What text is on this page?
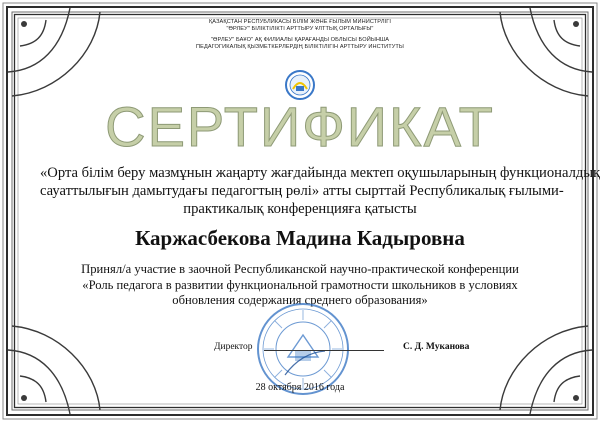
ҚАЗАҚСТАН РЕСПУБЛИКАСЫ БІЛІМ ЖӘНЕ ҒЫЛЫМ МИНИСТРЛІГІ
"ӨРЛЕУ" БІЛІКТІЛІКТІ АРТТЫРУ ҰЛТТЫҚ ОРТАЛЫҒЫ"
"ӨРЛЕУ" БАҰО" АҚ ФИЛИАЛЫ ҚАРАҒАНДЫ ОБЛЫСЫ БОЙЫНША
ПЕДАГОГИКАЛЫҚ ҚЫЗМЕТКЕРЛЕРДІҢ БІЛІКТІЛІГІН АРТТЫРУ ИНСТИТУТЫ
СЕРТИФИКАТ
«Орта білім беру мазмұнын жаңарту жағдайында мектеп оқушыларының функционалдық
сауаттылығын дамытудағы педагогтың рөлі» атты сырттай Республикалық ғылыми-
практикалық конференцияға қатысты
Каржасбекова Мадина Кадыровна
Принял/а участие в заочной Республиканской научно-практической конференции
«Роль педагога в развитии функциональной грамотности школьников в условиях
обновления содержания среднего образования»
Директор	С. Д. Муканова
28 октября 2016 года
